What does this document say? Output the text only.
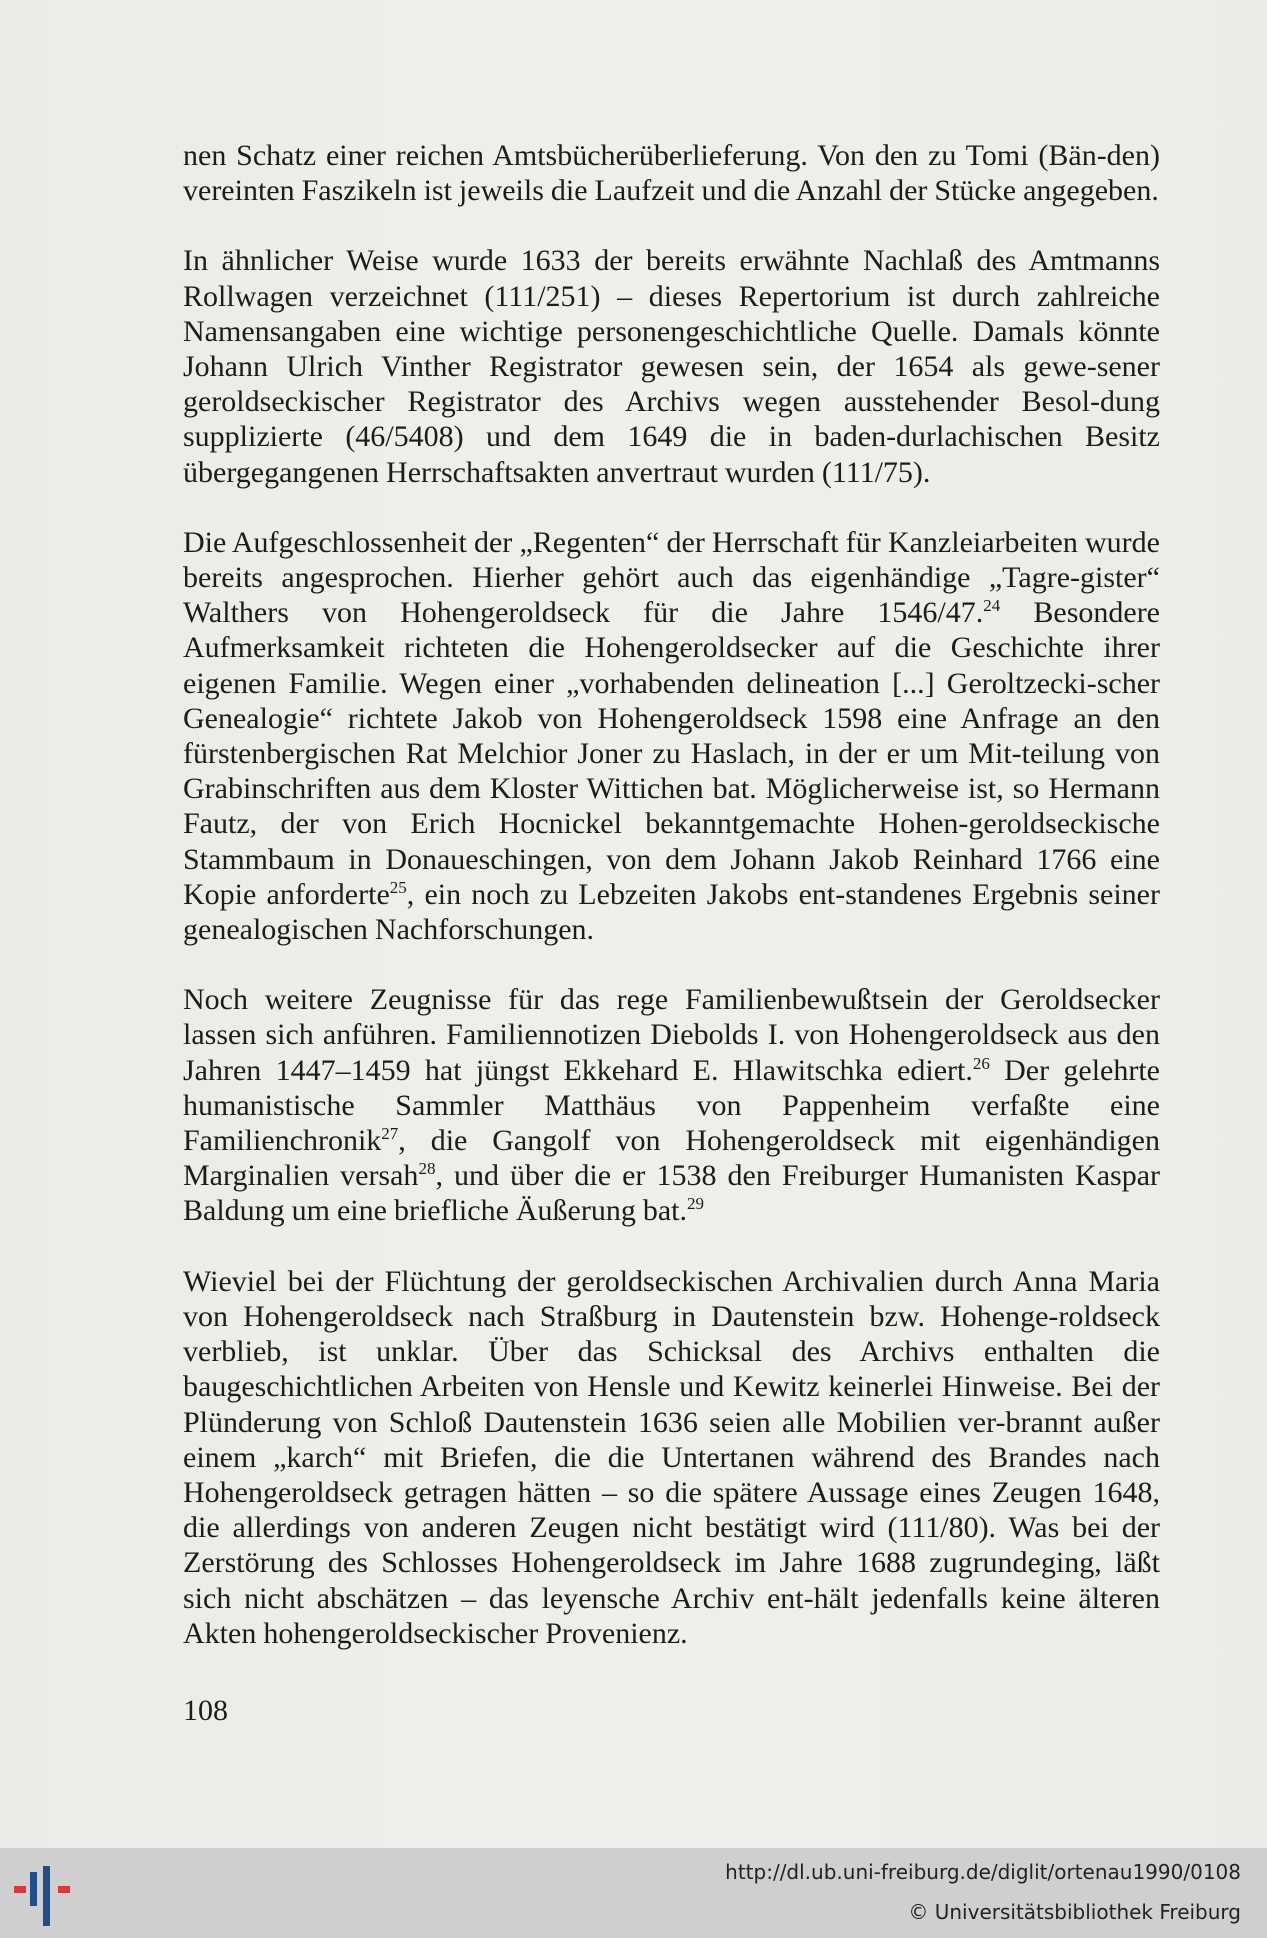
nen Schatz einer reichen Amtsbücherüberlieferung. Von den zu Tomi (Bän-den) vereinten Faszikeln ist jeweils die Laufzeit und die Anzahl der Stücke angegeben.

In ähnlicher Weise wurde 1633 der bereits erwähnte Nachlaß des Amtmanns Rollwagen verzeichnet (111/251) – dieses Repertorium ist durch zahlreiche Namensangaben eine wichtige personengeschichtliche Quelle. Damals könnte Johann Ulrich Vinther Registrator gewesen sein, der 1654 als gewe-sener geroldseckischer Registrator des Archivs wegen ausstehender Besol-dung supplizierte (46/5408) und dem 1649 die in baden-durlachischen Besitz übergegangenen Herrschaftsakten anvertraut wurden (111/75).

Die Aufgeschlossenheit der „Regenten“ der Herrschaft für Kanzleiarbeiten wurde bereits angesprochen. Hierher gehört auch das eigenhändige „Tagre-gister“ Walthers von Hohengeroldseck für die Jahre 1546/47.24 Besondere Aufmerksamkeit richteten die Hohengeroldsecker auf die Geschichte ihrer eigenen Familie. Wegen einer „vorhabenden delineation [...] Geroltzecki-scher Genealogie“ richtete Jakob von Hohengeroldseck 1598 eine Anfrage an den fürstenbergischen Rat Melchior Joner zu Haslach, in der er um Mit-teilung von Grabinschriften aus dem Kloster Wittichen bat. Möglicherweise ist, so Hermann Fautz, der von Erich Hocnickel bekanntgemachte Hohen-geroldseckische Stammbaum in Donaueschingen, von dem Johann Jakob Reinhard 1766 eine Kopie anforderte$^{25}$, ein noch zu Lebzeiten Jakobs ent-standenes Ergebnis seiner genealogischen Nachforschungen.

Noch weitere Zeugnisse für das rege Familienbewußtsein der Geroldsecker lassen sich anführen. Familiennotizen Diebolds I. von Hohengeroldseck aus den Jahren 1447–1459 hat jüngst Ekkehard E. Hlawitschka ediert.$^{26}$ Der gelehrte humanistische Sammler Matthäus von Pappenheim verfaßte eine Familienchronik$^{27}$, die Gangolf von Hohengeroldseck mit eigenhändigen Marginalien versah$^{28}$, und über die er 1538 den Freiburger Humanisten Kaspar Baldung um eine briefliche Äußerung bat.$^{29}$

Wieviel bei der Flüchtung der geroldseckischen Archivalien durch Anna Maria von Hohengeroldseck nach Straßburg in Dautenstein bzw. Hohenge-roldseck verblieb, ist unklar. Über das Schicksal des Archivs enthalten die baugeschichtlichen Arbeiten von Hensle und Kewitz keinerlei Hinweise. Bei der Plünderung von Schloß Dautenstein 1636 seien alle Mobilien ver-brannt außer einem „karch“ mit Briefen, die die Untertanen während des Brandes nach Hohengeroldseck getragen hätten – so die spätere Aussage eines Zeugen 1648, die allerdings von anderen Zeugen nicht bestätigt wird (111/80). Was bei der Zerstörung des Schlosses Hohengeroldseck im Jahre 1688 zugrundeging, läßt sich nicht abschätzen – das leyensche Archiv ent-hält jedenfalls keine älteren Akten hohengeroldseckischer Provenienz.

108
http://dl.ub.uni-freiburg.de/diglit/ortenau1990/0108
© Universitätsbibliothek Freiburg
